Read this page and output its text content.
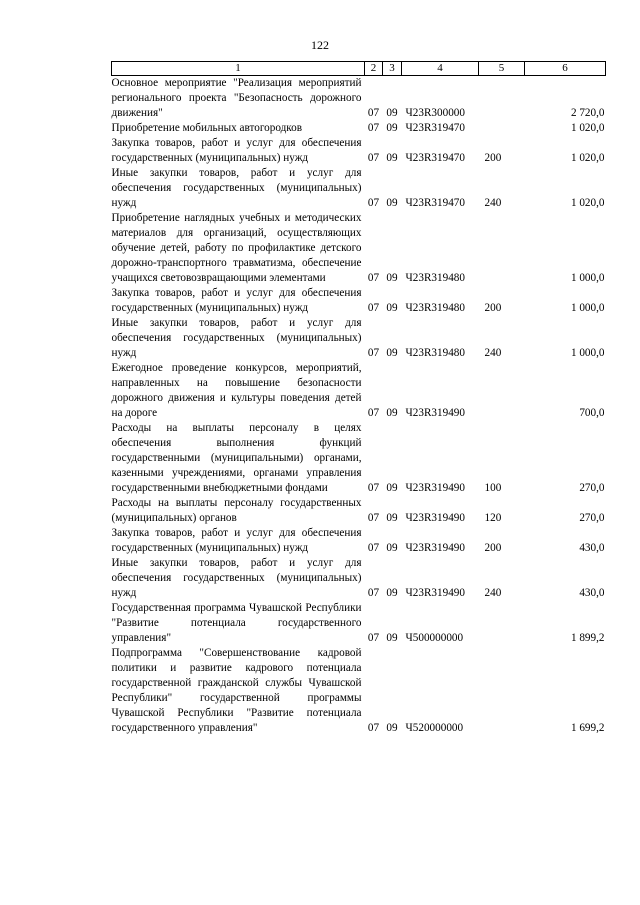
122
1	2	3	4	5	6
Основное мероприятие "Реализация мероприятий регионального проекта "Безопасность дорожного движения"	07	09	Ч23R300000		2 720,0
Приобретение мобильных автогородков	07	09	Ч23R319470		1 020,0
Закупка товаров, работ и услуг для обеспечения государственных (муниципальных) нужд	07	09	Ч23R319470	200	1 020,0
Иные закупки товаров, работ и услуг для обеспечения государственных (муниципальных) нужд	07	09	Ч23R319470	240	1 020,0
Приобретение наглядных учебных и методических материалов для организаций, осуществляющих обучение детей, работу по профилактике детского дорожно-транспортного травматизма, обеспечение учащихся световозвращающими элементами	07	09	Ч23R319480		1 000,0
Закупка товаров, работ и услуг для обеспечения государственных (муниципальных) нужд	07	09	Ч23R319480	200	1 000,0
Иные закупки товаров, работ и услуг для обеспечения государственных (муниципальных) нужд	07	09	Ч23R319480	240	1 000,0
Ежегодное проведение конкурсов, мероприятий, направленных на повышение безопасности дорожного движения и культуры поведения детей на дороге	07	09	Ч23R319490		700,0
Расходы на выплаты персоналу в целях обеспечения выполнения функций государственными (муниципальными) органами, казенными учреждениями, органами управления государственными внебюджетными фондами	07	09	Ч23R319490	100	270,0
Расходы на выплаты персоналу государственных (муниципальных) органов	07	09	Ч23R319490	120	270,0
Закупка товаров, работ и услуг для обеспечения государственных (муниципальных) нужд	07	09	Ч23R319490	200	430,0
Иные закупки товаров, работ и услуг для обеспечения государственных (муниципальных) нужд	07	09	Ч23R319490	240	430,0
Государственная программа Чувашской Республики "Развитие потенциала государственного управления"	07	09	Ч500000000		1 899,2
Подпрограмма "Совершенствование кадровой политики и развитие кадрового потенциала государственной гражданской службы Чувашской Республики" государственной программы Чувашской Республики "Развитие потенциала государственного управления"	07	09	Ч520000000		1 699,2
